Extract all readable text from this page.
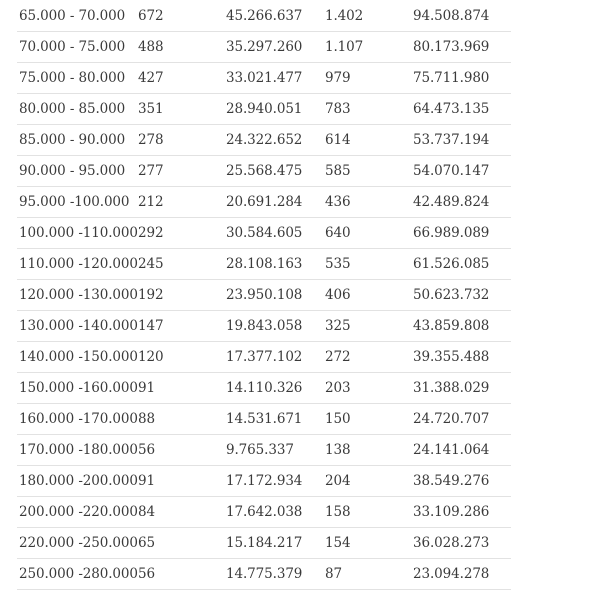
65.000 - 70.000 672	45.266.637 1.402	94.508.874
70.000 - 75.000 488	35.297.260 1.107	80.173.969
75.000 - 80.000 427	33.021.477 979	75.711.980
80.000 - 85.000 351	28.940.051 783	64.473.135
85.000 - 90.000 278	24.322.652 614	53.737.194
90.000 - 95.000 277	25.568.475 585	54.070.147
95.000 -100.000 212	20.691.284 436	42.489.824
100.000 -110.000 292	30.584.605 640	66.989.089
110.000 -120.000 245	28.108.163 535	61.526.085
120.000 -130.000 192	23.950.108 406	50.623.732
130.000 -140.000 147	19.843.058 325	43.859.808
140.000 -150.000 120	17.377.102 272	39.355.488
150.000 -160.000 91	14.110.326 203	31.388.029
160.000 -170.000 88	14.531.671 150	24.720.707
170.000 -180.000 56	9.765.337 138	24.141.064
180.000 -200.000 91	17.172.934 204	38.549.276
200.000 -220.000 84	17.642.038 158	33.109.286
220.000 -250.000 65	15.184.217 154	36.028.273
250.000 -280.000 56	14.775.379 87	23.094.278
